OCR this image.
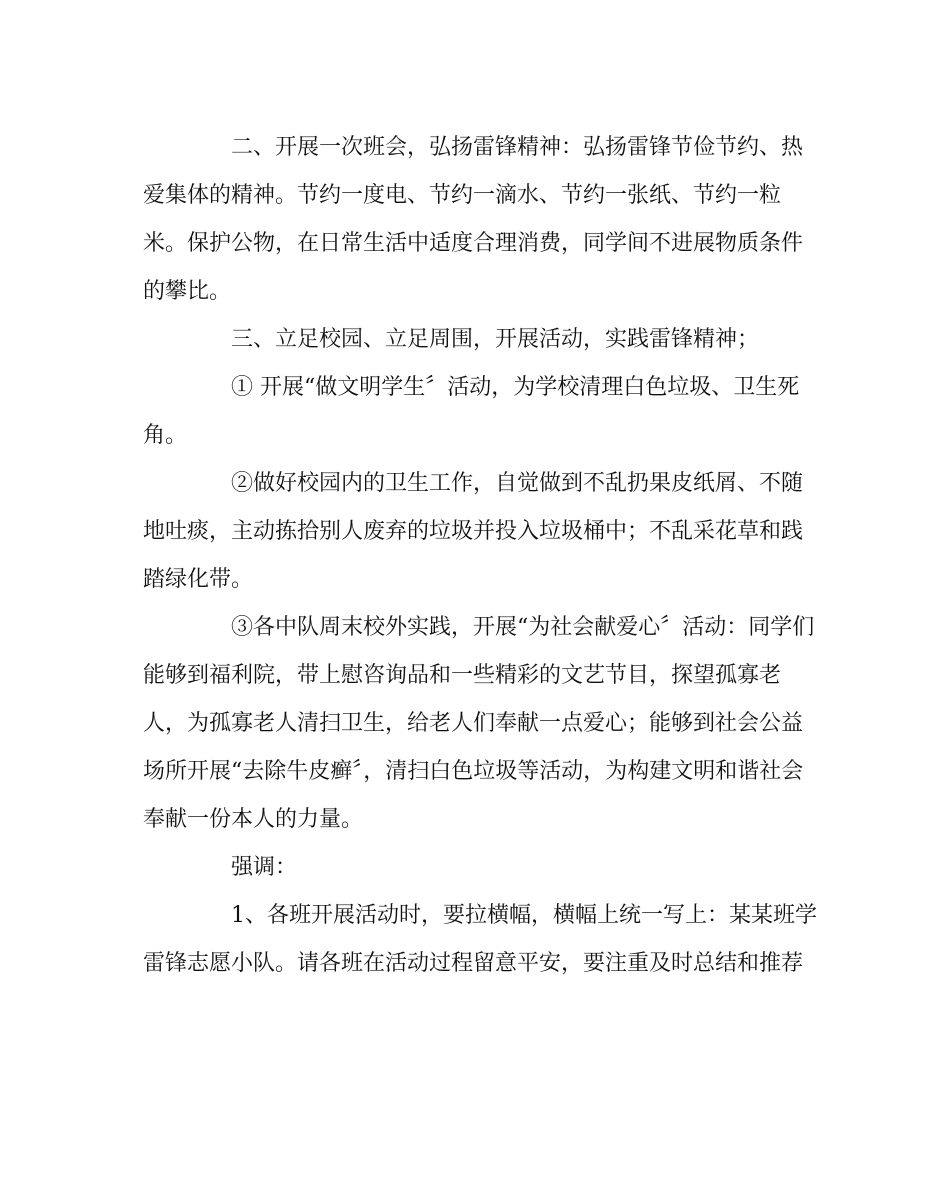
二、开展一次班会，弘扬雷锋精神：弘扬雷锋节俭节约、热
爱集体的精神。节约一度电、节约一滴水、节约一张纸、节约一粒
米。保护公物，在日常生活中适度合理消费，同学间不进展物质条件
的攀比。
三、立足校园、立足周围，开展活动，实践雷锋精神；
① 开展“做文明学生〞活动，为学校清理白色垃圾、卫生死
角。
②做好校园内的卫生工作，自觉做到不乱扔果皮纸屑、不随
地吐痰，主动拣拾别人废弃的垃圾并投入垃圾桶中；不乱采花草和践
踏绿化带。
③各中队周末校外实践，开展“为社会献爱心〞活动：同学们
能够到福利院，带上慰咨询品和一些精彩的文艺节目，探望孤寡老
人，为孤寡老人清扫卫生，给老人们奉献一点爱心；能够到社会公益
场所开展“去除牛皮癣〞，清扫白色垃圾等活动，为构建文明和谐社会
奉献一份本人的力量。
强调：
1、各班开展活动时，要拉横幅，横幅上统一写上：某某班学
雷锋志愿小队。请各班在活动过程留意平安，要注重及时总结和推荐
